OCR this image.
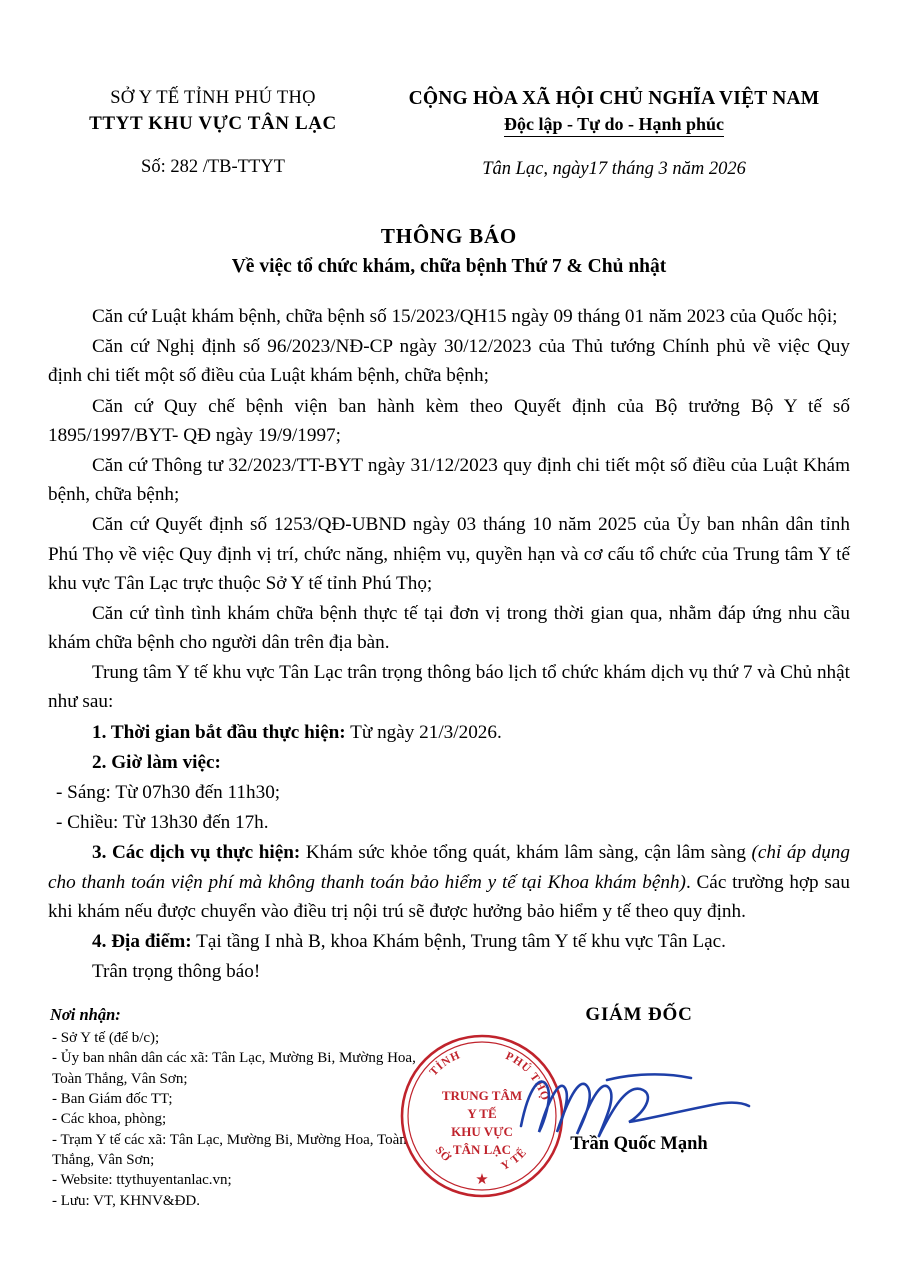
SỞ Y TẾ TỈNH PHÚ THỌ
TTYT KHU VỰC TÂN LẠC
Số: 282 /TB-TTYT
CỘNG HÒA XÃ HỘI CHỦ NGHĨA VIỆT NAM
Độc lập - Tự do - Hạnh phúc
Tân Lạc, ngày17 tháng 3 năm 2026
THÔNG BÁO
Về việc tổ chức khám, chữa bệnh Thứ 7 & Chủ nhật

Căn cứ Luật khám bệnh, chữa bệnh số 15/2023/QH15 ngày 09 tháng 01 năm 2023 của Quốc hội;

Căn cứ Nghị định số 96/2023/NĐ-CP ngày 30/12/2023 của Thủ tướng Chính phủ về việc Quy định chi tiết một số điều của Luật khám bệnh, chữa bệnh;

Căn cứ Quy chế bệnh viện ban hành kèm theo Quyết định của Bộ trưởng Bộ Y tế số 1895/1997/BYT- QĐ ngày 19/9/1997;

Căn cứ Thông tư 32/2023/TT-BYT ngày 31/12/2023 quy định chi tiết một số điều của Luật Khám bệnh, chữa bệnh;

Căn cứ Quyết định số 1253/QĐ-UBND ngày 03 tháng 10 năm 2025 của Ủy ban nhân dân tỉnh Phú Thọ về việc Quy định vị trí, chức năng, nhiệm vụ, quyền hạn và cơ cấu tổ chức của Trung tâm Y tế khu vực Tân Lạc trực thuộc Sở Y tế tỉnh Phú Thọ;

Căn cứ tình tình khám chữa bệnh thực tế tại đơn vị trong thời gian qua, nhằm đáp ứng nhu cầu khám chữa bệnh cho người dân trên địa bàn.

Trung tâm Y tế khu vực Tân Lạc trân trọng thông báo lịch tổ chức khám dịch vụ thứ 7 và Chủ nhật như sau:

1. Thời gian bắt đầu thực hiện: Từ ngày 21/3/2026.

2. Giờ làm việc:

- Sáng: Từ 07h30 đến 11h30;

- Chiều: Từ 13h30 đến 17h.

3. Các dịch vụ thực hiện: Khám sức khỏe tổng quát, khám lâm sàng, cận lâm sàng (chỉ áp dụng cho thanh toán viện phí mà không thanh toán bảo hiểm y tế tại Khoa khám bệnh). Các trường hợp sau khi khám nếu được chuyển vào điều trị nội trú sẽ được hưởng bảo hiểm y tế theo quy định.

4. Địa điểm: Tại tầng I nhà B, khoa Khám bệnh, Trung tâm Y tế khu vực Tân Lạc.

Trân trọng thông báo!

Nơi nhận:
- Sở Y tế (để b/c);
- Ủy ban nhân dân các xã: Tân Lạc, Mường Bi, Mường Hoa, Toàn Thắng, Vân Sơn;
- Ban Giám đốc TT;
- Các khoa, phòng;
- Trạm Y tế các xã: Tân Lạc, Mường Bi, Mường Hoa, Toàn Thắng, Vân Sơn;
- Website: ttythuyentanlac.vn;
- Lưu: VT, KHNV&ĐD.
GIÁM ĐỐC
Trần Quốc Mạnh
TỈNH	PHÚ THỌ
SỞ
Y TẾ
TRUNG TÂM
Y TẾ
KHU VỰC
TÂN LẠC
★
